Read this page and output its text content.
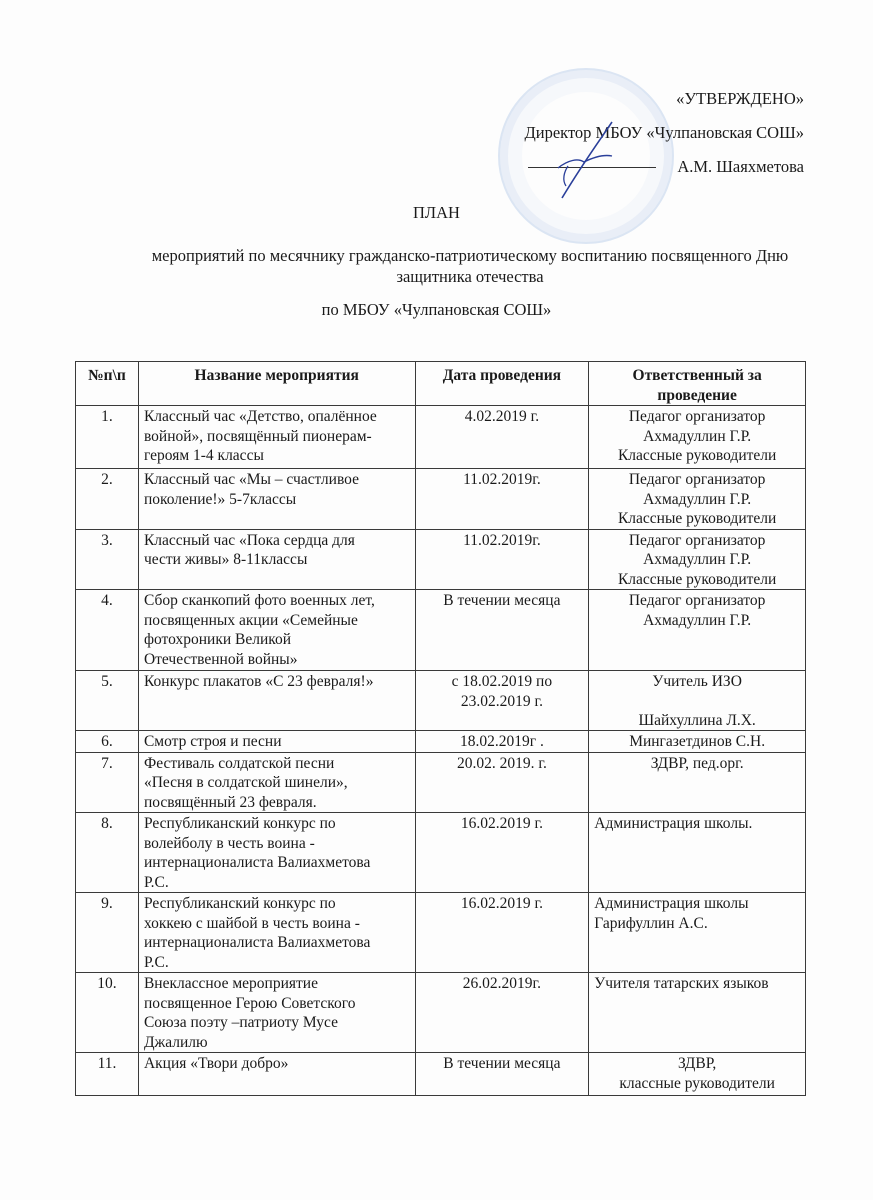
«УТВЕРЖДЕНО»
Директор МБОУ «Чулпановская СОШ»
А.М. Шаяхметова
ПЛАН
мероприятий по месячнику гражданско-патриотическому воспитанию посвященного Дню
защитника отечества
по МБОУ «Чулпановская СОШ»
№п\п	Название мероприятия	Дата проведения	Ответственный за проведение
1.	Классный час «Детство, опалённое
войной», посвящённый пионерам-
героям 1-4 классы	4.02.2019 г.	Педагог организатор
Ахмадуллин Г.Р.
Классные руководители

2.	Классный час «Мы – счастливое
поколение!» 5-7классы	11.02.2019г.	Педагог организатор
Ахмадуллин Г.Р.
Классные руководители

3.	Классный час «Пока сердца для
чести живы» 8-11классы	11.02.2019г.	Педагог организатор
Ахмадуллин Г.Р.
Классные руководители

4.	Сбор сканкопий фото военных лет,
посвященных акции «Семейные
фотохроники Великой
Отечественной войны»	В течении месяца	Педагог организатор
Ахмадуллин Г.Р.

5.	Конкурс плакатов «С 23 февраля!»	с 18.02.2019 по
23.02.2019 г.	Учитель ИЗО
Шайхуллина Л.Х.

6.	Смотр строя и песни	18.02.2019г .	Мингазетдинов С.Н.

7.	Фестиваль солдатской песни
«Песня в солдатской шинели»,
посвящённый 23 февраля.	20.02. 2019. г.	ЗДВР, пед.орг.

8.	Республиканский конкурс по
волейболу в честь воина -
интернационалиста Валиахметова
Р.С.	16.02.2019 г.	Администрация школы.

9.	Республиканский конкурс по
хоккею с шайбой в честь воина -
интернационалиста Валиахметова
Р.С.	16.02.2019 г.	Администрация школы
Гарифуллин А.С.

10.	Внеклассное мероприятие
посвященное Герою Советского
Союза поэту –патриоту Мусе
Джалилю	26.02.2019г.	Учителя татарских языков

11.	Акция «Твори добро»	В течении месяца	ЗДВР,
классные руководители
